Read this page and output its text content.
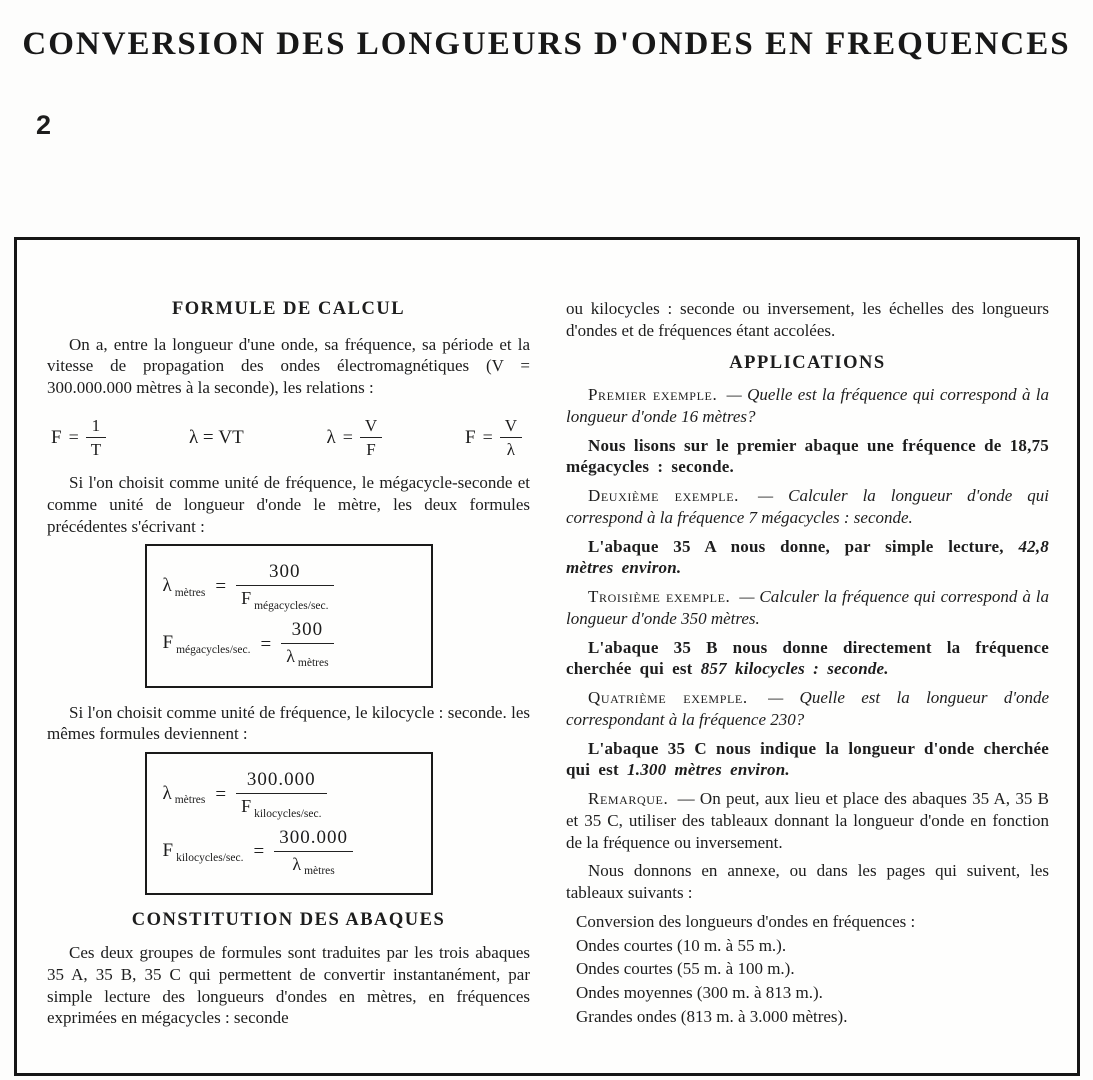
CONVERSION DES LONGUEURS D'ONDES EN FREQUENCES
2
FORMULE DE CALCUL

On a, entre la longueur d'une onde, sa fréquence, sa période et la vitesse de propagation des ondes électromagnétiques (V = 300.000.000 mètres à la seconde), les relations :

$F = \frac{1}{T}$	λ = VT	$\lambda = \frac{V}{F}$	$F = \frac{V}{\lambda}$

Si l'on choisit comme unité de fréquence, le mégacycle-seconde et comme unité de longueur d'onde le mètre, les deux formules précédentes s'écrivant :

λ $_{mètres} = \frac{300}{F _{mégacycles/sec.}}$
F $_{mégacycles/sec.} = \frac{300}{\lambda _{mètres}}$

Si l'on choisit comme unité de fréquence, le kilocycle : seconde. les mêmes formules deviennent :

λ $_{mètres} = \frac{300.000}{F _{kilocycles/sec.}}$
F $_{kilocycles/sec.} = \frac{300.000}{\lambda _{mètres}}$
CONSTITUTION DES ABAQUES

Ces deux groupes de formules sont traduites par les trois abaques 35 A, 35 B, 35 C qui permettent de convertir instantanément, par simple lecture des longueurs d'ondes en mètres, en fréquences exprimées en mégacycles : seconde

ou kilocycles : seconde ou inversement, les échelles des longueurs d'ondes et de fréquences étant accolées.

APPLICATIONS

Premier exemple. — Quelle est la fréquence qui correspond à la longueur d'onde 16 mètres?

Nous lisons sur le premier abaque une fréquence de 18,75 mégacycles : seconde.

Deuxième exemple. — Calculer la longueur d'onde qui correspond à la fréquence 7 mégacycles : seconde.

L'abaque 35 A nous donne, par simple lecture, 42,8 mètres environ.

Troisième exemple. — Calculer la fréquence qui correspond à la longueur d'onde 350 mètres.

L'abaque 35 B nous donne directement la fréquence cherchée qui est 857 kilocycles : seconde.

Quatrième exemple. — Quelle est la longueur d'onde correspondant à la fréquence 230?

L'abaque 35 C nous indique la longueur d'onde cherchée qui est 1.300 mètres environ.

Remarque. — On peut, aux lieu et place des abaques 35 A, 35 B et 35 C, utiliser des tableaux donnant la longueur d'onde en fonction de la fréquence ou inversement.

Nous donnons en annexe, ou dans les pages qui suivent, les tableaux suivants :

Conversion des longueurs d'ondes en fréquences :

Ondes courtes (10 m. à 55 m.).

Ondes courtes (55 m. à 100 m.).

Ondes moyennes (300 m. à 813 m.).

Grandes ondes (813 m. à 3.000 mètres).
